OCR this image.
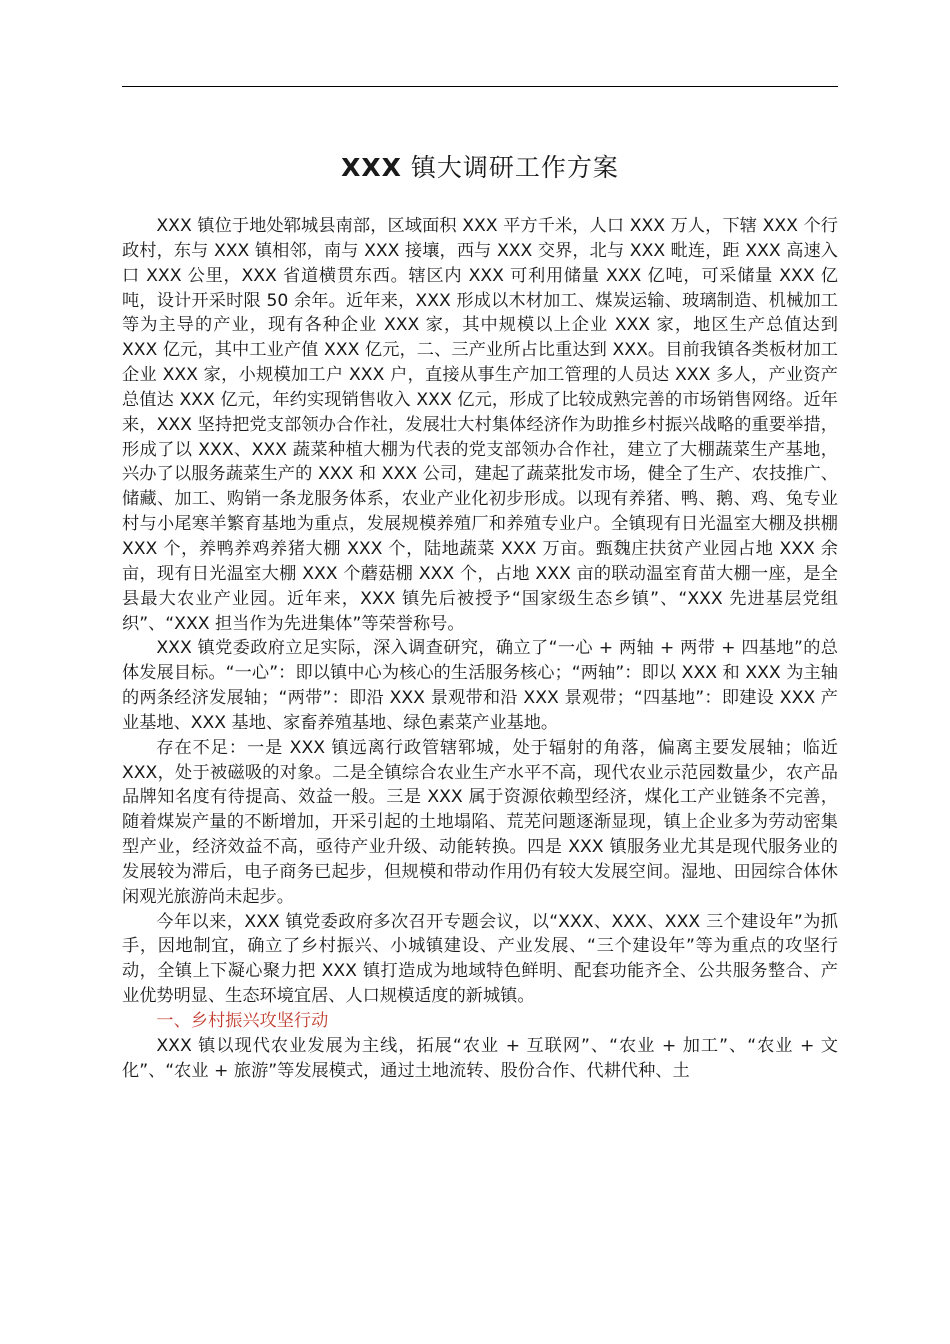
XXX 镇大调研工作方案

XXX 镇位于地处郓城县南部，区域面积 XXX 平方千米，人口 XXX 万人，下辖 XXX 个行政村，东与 XXX 镇相邻，南与 XXX 接壤，西与 XXX 交界，北与 XXX 毗连，距 XXX 高速入口 XXX 公里，XXX 省道横贯东西。辖区内 XXX 可利用储量 XXX 亿吨，可采储量 XXX 亿吨，设计开采时限 50 余年。近年来，XXX 形成以木材加工、煤炭运输、玻璃制造、机械加工等为主导的产业，现有各种企业 XXX 家，其中规模以上企业 XXX 家，地区生产总值达到 XXX 亿元，其中工业产值 XXX 亿元，二、三产业所占比重达到 XXX。目前我镇各类板材加工企业 XXX 家，小规模加工户 XXX 户，直接从事生产加工管理的人员达 XXX 多人，产业资产总值达 XXX 亿元，年约实现销售收入 XXX 亿元，形成了比较成熟完善的市场销售网络。近年来，XXX 坚持把党支部领办合作社，发展壮大村集体经济作为助推乡村振兴战略的重要举措，形成了以 XXX、XXX 蔬菜种植大棚为代表的党支部领办合作社，建立了大棚蔬菜生产基地，兴办了以服务蔬菜生产的 XXX 和 XXX 公司，建起了蔬菜批发市场，健全了生产、农技推广、储藏、加工、购销一条龙服务体系，农业产业化初步形成。以现有养猪、鸭、鹅、鸡、兔专业村与小尾寒羊繁育基地为重点，发展规模养殖厂和养殖专业户。全镇现有日光温室大棚及拱棚 XXX 个，养鸭养鸡养猪大棚 XXX 个，陆地蔬菜 XXX 万亩。甄魏庄扶贫产业园占地 XXX 余亩，现有日光温室大棚 XXX 个蘑菇棚 XXX 个，占地 XXX 亩的联动温室育苗大棚一座，是全县最大农业产业园。近年来，XXX 镇先后被授予“国家级生态乡镇”、“XXX 先进基层党组织”、“XXX 担当作为先进集体”等荣誉称号。

XXX 镇党委政府立足实际，深入调查研究，确立了“一心 + 两轴 + 两带 + 四基地”的总体发展目标。“一心”：即以镇中心为核心的生活服务核心；“两轴”：即以 XXX 和 XXX 为主轴的两条经济发展轴；“两带”：即沿 XXX 景观带和沿 XXX 景观带；“四基地”：即建设 XXX 产业基地、XXX 基地、家畜养殖基地、绿色素菜产业基地。

存在不足：一是 XXX 镇远离行政管辖郓城，处于辐射的角落，偏离主要发展轴；临近 XXX，处于被磁吸的对象。二是全镇综合农业生产水平不高，现代农业示范园数量少，农产品品牌知名度有待提高、效益一般。三是 XXX 属于资源依赖型经济，煤化工产业链条不完善，随着煤炭产量的不断增加，开采引起的土地塌陷、荒芜问题逐渐显现，镇上企业多为劳动密集型产业，经济效益不高，亟待产业升级、动能转换。四是 XXX 镇服务业尤其是现代服务业的发展较为滞后，电子商务已起步，但规模和带动作用仍有较大发展空间。湿地、田园综合体休闲观光旅游尚未起步。

今年以来，XXX 镇党委政府多次召开专题会议，以“XXX、XXX、XXX 三个建设年”为抓手，因地制宜，确立了乡村振兴、小城镇建设、产业发展、“三个建设年”等为重点的攻坚行动，全镇上下凝心聚力把 XXX 镇打造成为地域特色鲜明、配套功能齐全、公共服务整合、产业优势明显、生态环境宜居、人口规模适度的新城镇。

一、乡村振兴攻坚行动

XXX 镇以现代农业发展为主线，拓展“农业 + 互联网”、“农业 + 加工”、“农业 + 文化”、“农业 + 旅游”等发展模式，通过土地流转、股份合作、代耕代种、土
